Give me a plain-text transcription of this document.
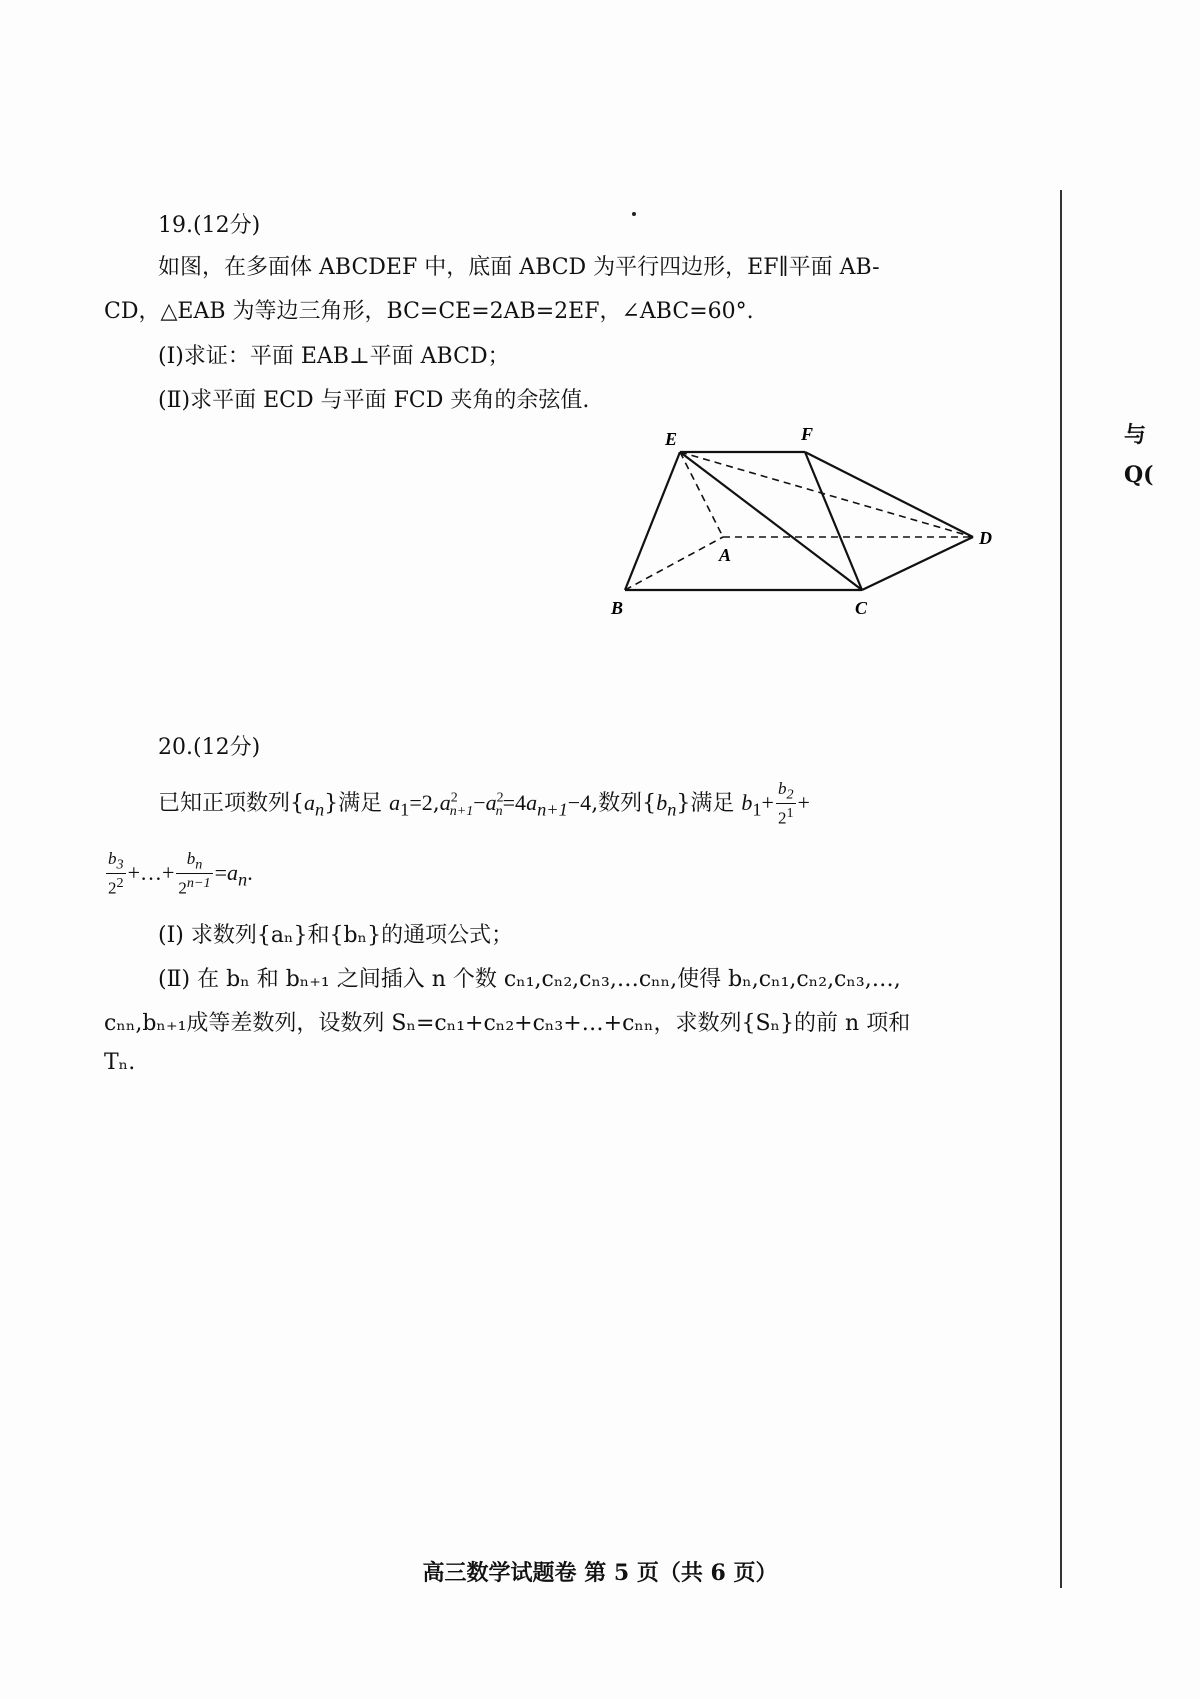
与
Q(
19.(12分)
如图，在多面体 ABCDEF 中，底面 ABCD 为平行四边形，EF∥平面 AB-
CD，△EAB 为等边三角形，BC=CE=2AB=2EF，∠ABC=60°.
(Ⅰ)求证：平面 EAB⊥平面 ABCD；
(Ⅱ)求平面 ECD 与平面 FCD 夹角的余弦值.
E	F
A
B	C
D
20.(12分)
已知正项数列$\{a_n\}$满足 $a_1=2,a^2_{n+1}-a^2_n=4a_{n+1}-4$,数列$\{b_n\}$满足 $b_1+ \frac{b_2}{2^1}$ +
$\frac{b_3}{2^2}$ +…+ $\frac{b_n}{2^{n-1}} =a_n$.
(Ⅰ) 求数列{aₙ}和{bₙ}的通项公式；
(Ⅱ) 在 bₙ 和 bₙ₊₁ 之间插入 n 个数 cₙ₁,cₙ₂,cₙ₃,…cₙₙ,使得 bₙ,cₙ₁,cₙ₂,cₙ₃,…,
cₙₙ,bₙ₊₁成等差数列，设数列 Sₙ=cₙ₁+cₙ₂+cₙ₃+…+cₙₙ，求数列{Sₙ}的前 n 项和
Tₙ.
高三数学试题卷 第 5 页（共 6 页）
